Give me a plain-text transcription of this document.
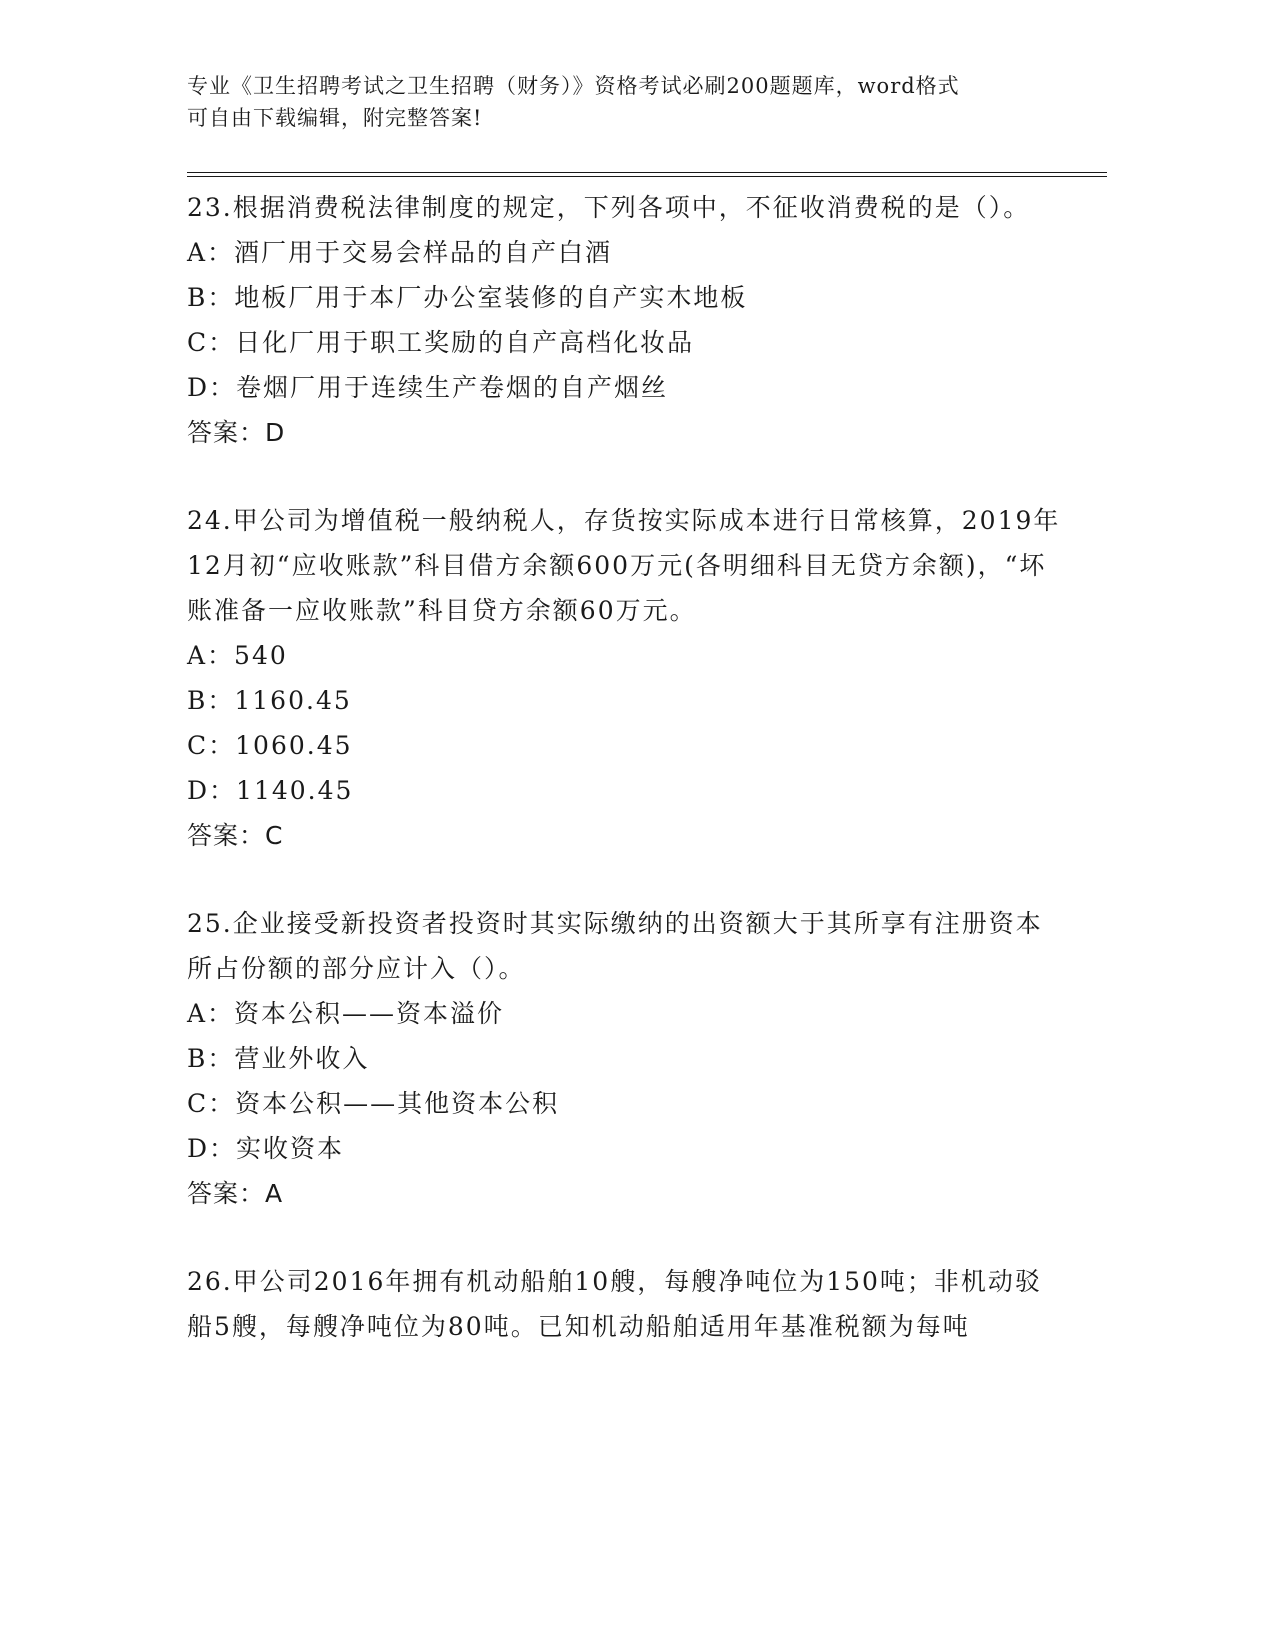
专业《卫生招聘考试之卫生招聘（财务）》资格考试必刷200题题库，word格式
可自由下载编辑，附完整答案!
23.根据消费税法律制度的规定，下列各项中，不征收消费税的是（）。
A：酒厂用于交易会样品的自产白酒
B：地板厂用于本厂办公室装修的自产实木地板
C：日化厂用于职工奖励的自产高档化妆品
D：卷烟厂用于连续生产卷烟的自产烟丝
答案：D
24.甲公司为增值税一般纳税人，存货按实际成本进行日常核算，2019年12月初“应收账款”科目借方余额600万元(各明细科目无贷方余额)，“坏账准备一应收账款”科目贷方余额60万元。
A：540
B：1160.45
C：1060.45
D：1140.45
答案：C
25.企业接受新投资者投资时其实际缴纳的出资额大于其所享有注册资本所占份额的部分应计入（）。
A：资本公积——资本溢价
B：营业外收入
C：资本公积——其他资本公积
D：实收资本
答案：A
26.甲公司2016年拥有机动船舶10艘，每艘净吨位为150吨；非机动驳船5艘，每艘净吨位为80吨。已知机动船舶适用年基准税额为每吨
